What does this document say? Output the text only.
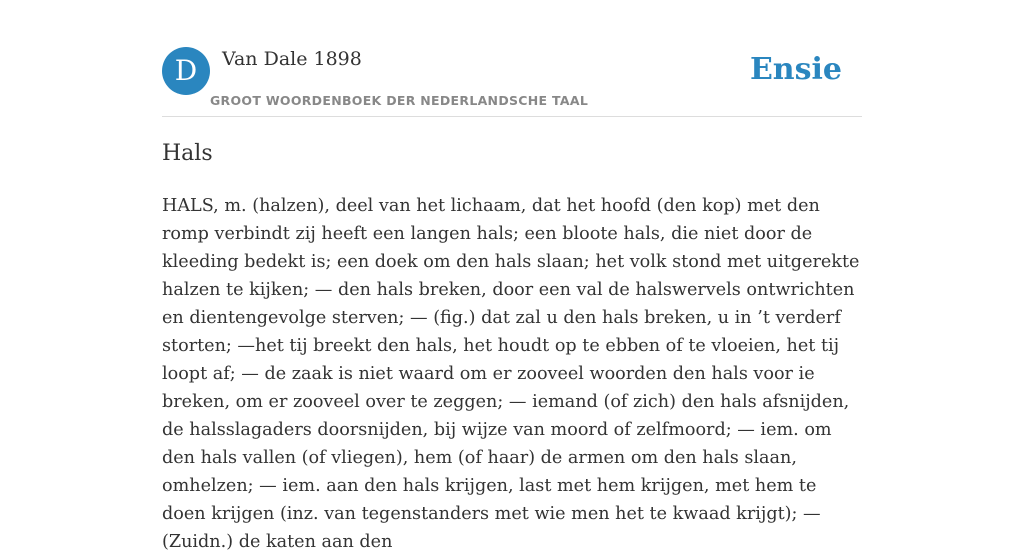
D	Van Dale 1898
GROOT WOORDENBOEK DER NEDERLANDSCHE TAAL
Ensie
Hals

HALS, m. (halzen), deel van het lichaam, dat het hoofd (den kop) met den romp verbindt zij heeft een langen hals; een bloote hals, die niet door de kleeding bedekt is; een doek om den hals slaan; het volk stond met uitgerekte halzen te kijken; — den hals breken, door een val de halswervels ontwrichten en dientengevolge sterven; — (fig.) dat zal u den hals breken, u in ’t verderf storten; —het tij breekt den hals, het houdt op te ebben of te vloeien, het tij loopt af; — de zaak is niet waard om er zooveel woorden den hals voor ie breken, om er zooveel over te zeggen; — iemand (of zich) den hals afsnijden, de halsslagaders doorsnijden, bij wijze van moord of zelfmoord; — iem. om den hals vallen (of vliegen), hem (of haar) de armen om den hals slaan, omhelzen; — iem. aan den hals krijgen, last met hem krijgen, met hem te doen krijgen (inz. van tegenstanders met wie men het te kwaad krijgt); — (Zuidn.) de katen aan den
